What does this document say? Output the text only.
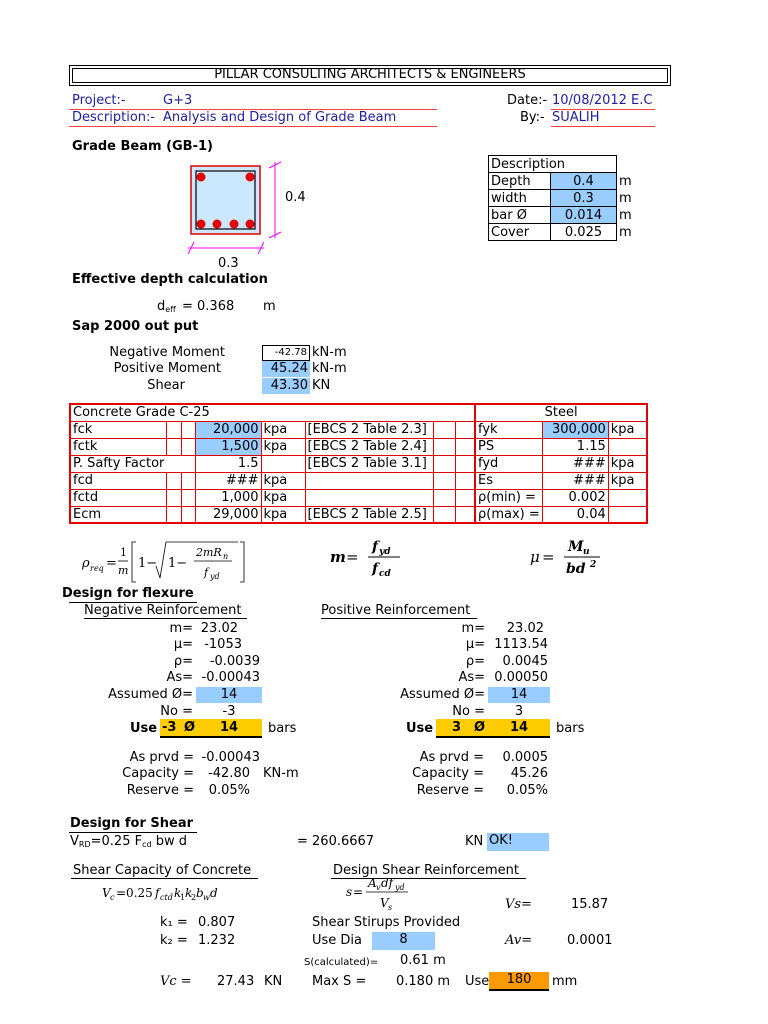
PILLAR CONSULTING ARCHITECTS & ENGINEERS
Project:-	G+3	Date:- 10/08/2012 E.C
Description:- Analysis and Design of Grade Beam	By:- SUALIH
Grade Beam (GB-1)
0.4
0.3
Description		
Depth	0.4	m
width	0.3	m
bar Ø	0.014	m
Cover	0.025	m
Effective depth calculation
$d_{eff} = 0.368$ m
Sap 2000 out put
Negative Moment	-42.78 kN-m
Positive Moment	45.24 kN-m
Shear	43.30 KN
Concrete Grade C-25								Steel		
fck			20,000	kpa	[EBCS 2 Table 2.3]			fyk	300,000	kpa
fctk			1,500	kpa	[EBCS 2 Table 2.4]			PS	1.15	
P. Safty Factor			1.5		[EBCS 2 Table 3.1]			fyd	###	kpa
fcd			###	kpa				Es	###	kpa
fctd			1,000	kpa				ρ(min) =	0.002	
Ecm			29,000	kpa	[EBCS 2 Table 2.5]			ρ(max) =	0.04	
ρ req =
1
m 1− 1−
2mR n
f yd
m =
f yd
f cd
μ =
M u
bd 2
Design for flexure
Negative Reinforcement	Positive Reinforcement
m= 23.02
μ= -1053
ρ=	-0.0039
As= -0.00043
Assumed Ø=	14
No =	-3
Use -3 Ø 14 bars
As prvd = -0.00043
Capacity =	-42.80 KN-m
Reserve =	0.05%
m=	23.02
μ= 1113.54
ρ=	0.0045
As= 0.00050
Assumed Ø=	14
No =	3
Use 3 Ø 14 bars
As prvd =	0.0005
Capacity =	45.26
Reserve =	0.05%
Design for Shear
$V_{RD}=0.25$ $F_{cd}$ bw d	= 260.6667	KN OK!
Shear Capacity of Concrete	Design Shear Reinforcement
V c =0.25 f ctd k
1 k
2 b w d	s =
A v df yd
V s	Vs=	15.87
k₁ = 0.807	Shear Stirups Provided
k₂ = 1.232	Use Dia	8	Av=	0.0001
S(calculated)= 0.61 m
Vc = 27.43 KN Max S = 0.180 m Use	180	mm
